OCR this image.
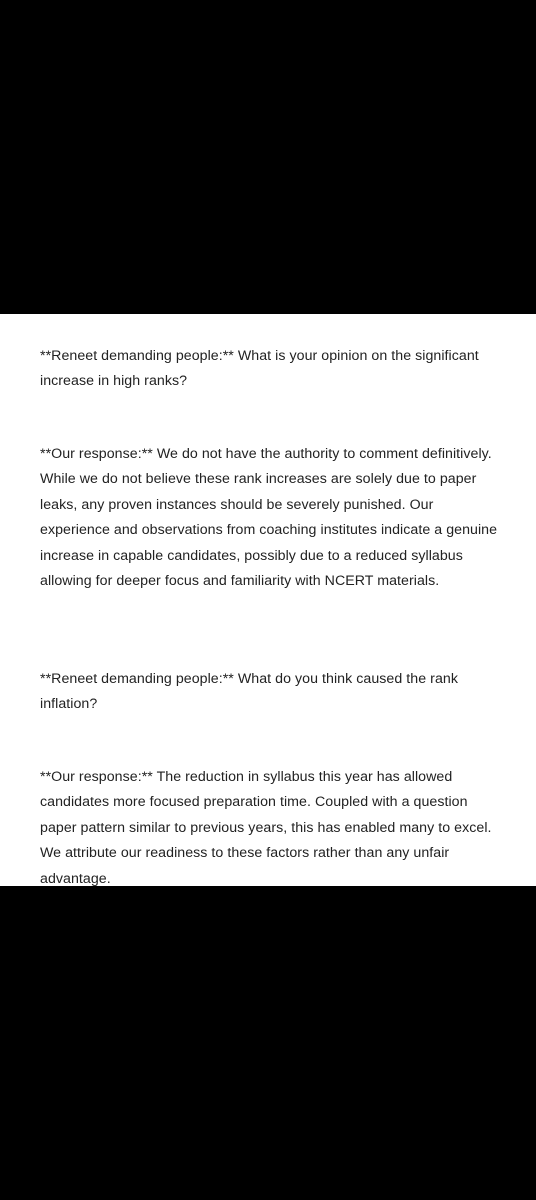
**Reneet demanding people:** What is your opinion on the significant increase in high ranks?

**Our response:** We do not have the authority to comment definitively. While we do not believe these rank increases are solely due to paper leaks, any proven instances should be severely punished. Our experience and observations from coaching institutes indicate a genuine increase in capable candidates, possibly due to a reduced syllabus allowing for deeper focus and familiarity with NCERT materials.

**Reneet demanding people:** What do you think caused the rank inflation?

**Our response:** The reduction in syllabus this year has allowed candidates more focused preparation time. Coupled with a question paper pattern similar to previous years, this has enabled many to excel. We attribute our readiness to these factors rather than any unfair advantage.
